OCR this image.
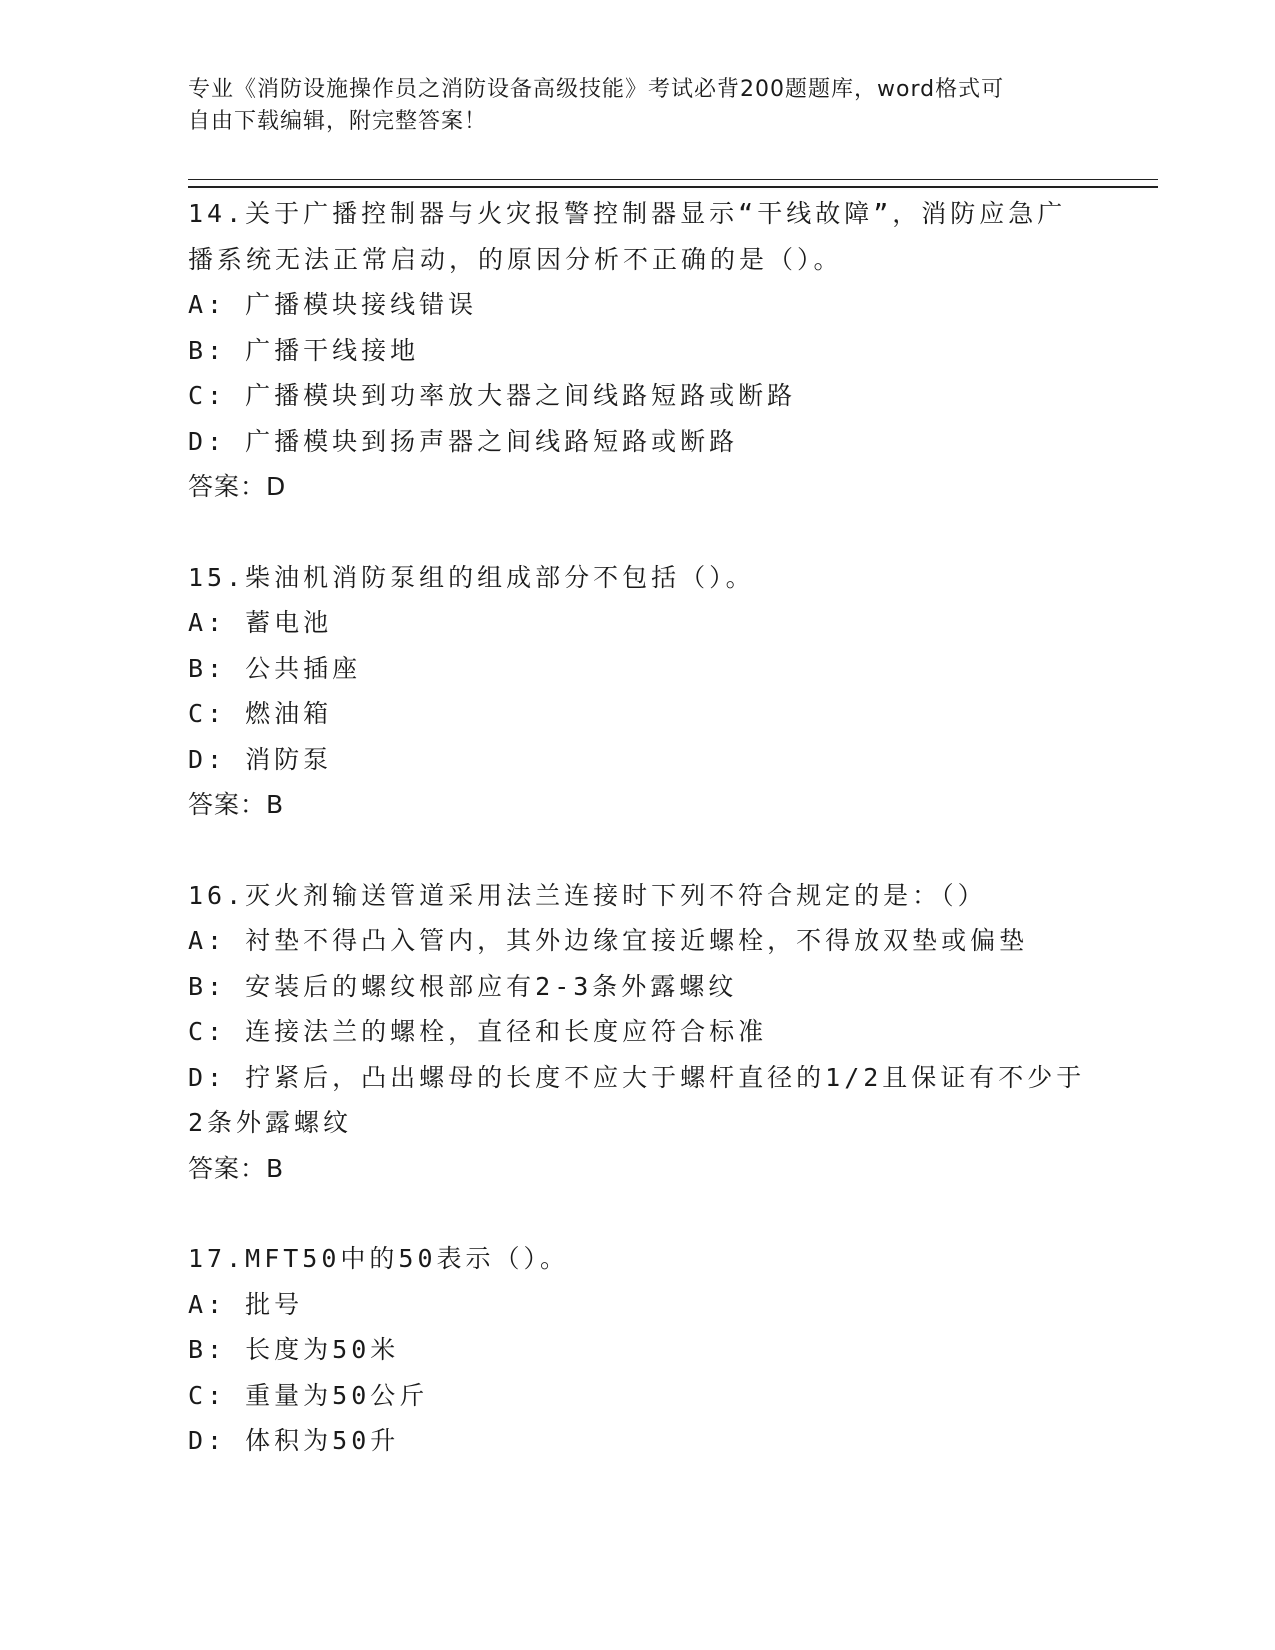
专业《消防设施操作员之消防设备高级技能》考试必背200题题库，word格式可
自由下载编辑，附完整答案！
14.关于广播控制器与火灾报警控制器显示“干线故障”，消防应急广
播系统无法正常启动，的原因分析不正确的是（）。
A: 广播模块接线错误
B: 广播干线接地
C: 广播模块到功率放大器之间线路短路或断路
D: 广播模块到扬声器之间线路短路或断路
答案：D
15.柴油机消防泵组的组成部分不包括（）。
A: 蓄电池
B: 公共插座
C: 燃油箱
D: 消防泵
答案：B
16.灭火剂输送管道采用法兰连接时下列不符合规定的是：（）
A: 衬垫不得凸入管内，其外边缘宜接近螺栓，不得放双垫或偏垫
B: 安装后的螺纹根部应有2-3条外露螺纹
C: 连接法兰的螺栓，直径和长度应符合标准
D: 拧紧后，凸出螺母的长度不应大于螺杆直径的1/2且保证有不少于
2条外露螺纹
答案：B
17.MFT50中的50表示（）。
A: 批号
B: 长度为50米
C: 重量为50公斤
D: 体积为50升
